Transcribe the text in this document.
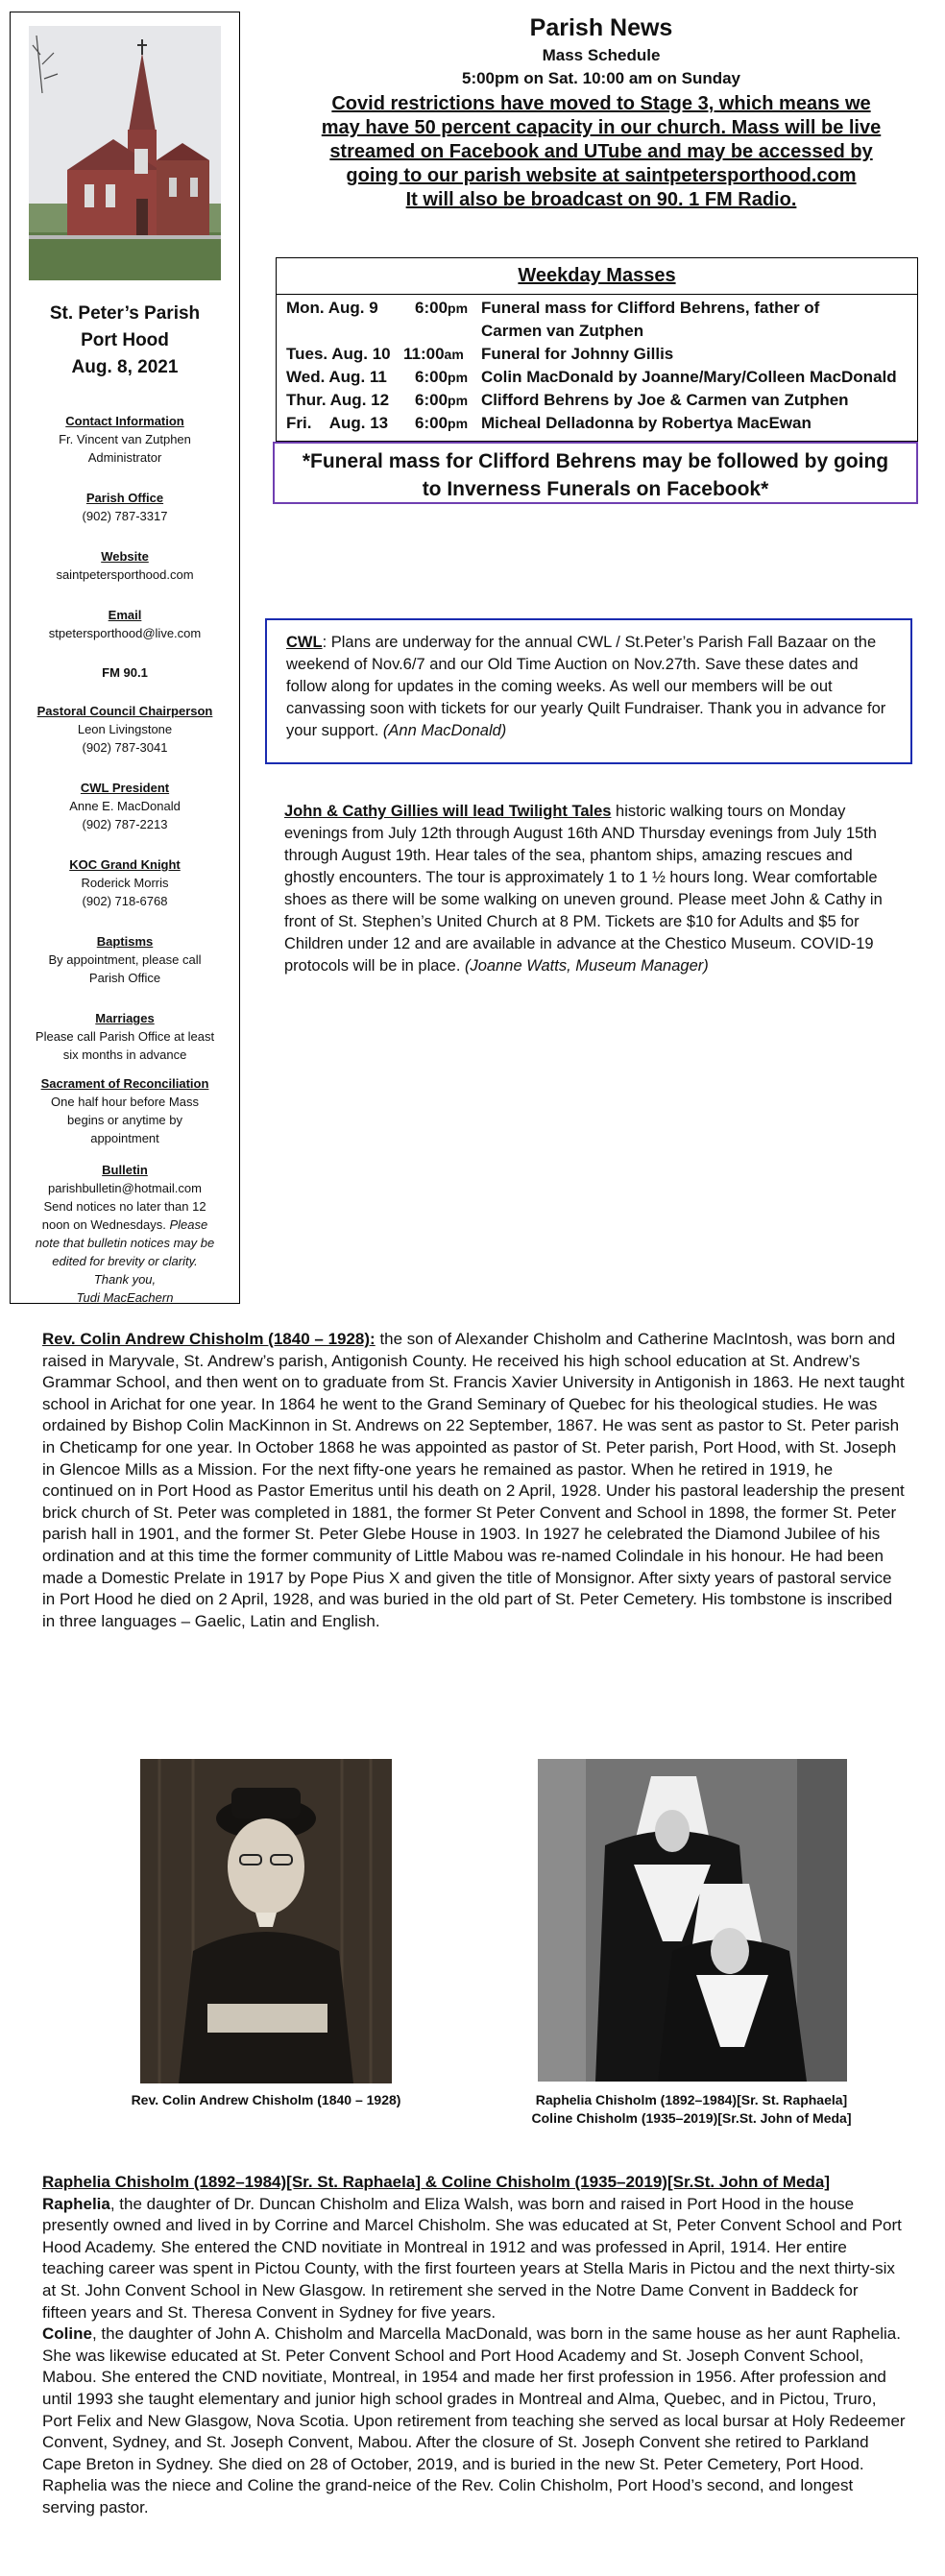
St. Peter’s Parish
Port Hood
Aug. 8, 2021
Contact Information
Fr. Vincent van Zutphen
Administrator
Parish Office
(902) 787-3317
Website
saintpetersporthood.com
Email
stpetersporthood@live.com
FM 90.1
Pastoral Council Chairperson
Leon Livingstone
(902) 787-3041
CWL President
Anne E. MacDonald
(902) 787-2213
KOC Grand Knight
Roderick Morris
(902) 718-6768
Baptisms
By appointment, please call
Parish Office
Marriages
Please call Parish Office at least
six months in advance
Sacrament of Reconciliation
One half hour before Mass
begins or anytime by
appointment
Bulletin
parishbulletin@hotmail.com
Send notices no later than 12
noon on Wednesdays. Please
note that bulletin notices may be
edited for brevity or clarity.
Thank you,
Tudi MacEachern
Parish News
Mass Schedule
5:00pm on Sat. 10:00 am on Sunday
Covid restrictions have moved to Stage 3, which means we
may have 50 percent capacity in our church. Mass will be live
streamed on Facebook and UTube and may be accessed by
going to our parish website at saintpetersporthood.com
It will also be broadcast on 90. 1 FM Radio.
Weekday Masses
Mon. Aug. 9 6:00pm Funeral mass for Clifford Behrens, father of
Carmen van Zutphen
Tues. Aug. 10 11:00am Funeral for Johnny Gillis
Wed. Aug. 11 6:00pm Colin MacDonald by Joanne/Mary/Colleen MacDonald
Thur. Aug. 12 6:00pm Clifford Behrens by Joe & Carmen van Zutphen
Fri.    Aug. 13 6:00pm Micheal Delladonna by Robertya MacEwan
*Funeral mass for Clifford Behrens may be followed by going
to Inverness Funerals on Facebook*
CWL: Plans are underway for the annual CWL / St.Peter’s Parish Fall Bazaar on the weekend of Nov.6/7 and our Old Time Auction on Nov.27th. Save these dates and follow along for updates in the coming weeks. As well our members will be out canvassing soon with tickets for our yearly Quilt Fundraiser. Thank you in advance for your support. (Ann MacDonald)
John & Cathy Gillies will lead Twilight Tales historic walking tours on Monday evenings from July 12th through August 16th AND Thursday evenings from July 15th through August 19th. Hear tales of the sea, phantom ships, amazing rescues and ghostly encounters. The tour is approximately 1 to 1 ½ hours long. Wear comfortable shoes as there will be some walking on uneven ground. Please meet John & Cathy in front of St. Stephen’s United Church at 8 PM. Tickets are $10 for Adults and $5 for Children under 12 and are available in advance at the Chestico Museum. COVID-19 protocols will be in place. (Joanne Watts, Museum Manager)
Rev. Colin Andrew Chisholm (1840 – 1928): the son of Alexander Chisholm and Catherine MacIntosh, was born and raised in Maryvale, St. Andrew’s parish, Antigonish County. He received his high school education at St. Andrew’s Grammar School, and then went on to graduate from St. Francis Xavier University in Antigonish in 1863. He next taught school in Arichat for one year. In 1864 he went to the Grand Seminary of Quebec for his theological studies. He was ordained by Bishop Colin MacKinnon in St. Andrews on 22 September, 1867. He was sent as pastor to St. Peter parish in Cheticamp for one year. In October 1868 he was appointed as pastor of St. Peter parish, Port Hood, with St. Joseph in Glencoe Mills as a Mission. For the next fifty-one years he remained as pastor. When he retired in 1919, he continued on in Port Hood as Pastor Emeritus until his death on 2 April, 1928. Under his pastoral leadership the present brick church of St. Peter was completed in 1881, the former St Peter Convent and School in 1898, the former St. Peter parish hall in 1901, and the former St. Peter Glebe House in 1903. In 1927 he celebrated the Diamond Jubilee of his ordination and at this time the former community of Little Mabou was re-named Colindale in his honour. He had been made a Domestic Prelate in 1917 by Pope Pius X and given the title of Monsignor. After sixty years of pastoral service in Port Hood he died on 2 April, 1928, and was buried in the old part of St. Peter Cemetery. His tombstone is inscribed in three languages – Gaelic, Latin and English.
Rev. Colin Andrew Chisholm (1840 – 1928)	Raphelia Chisholm (1892–1984)[Sr. St. Raphaela]
Coline Chisholm (1935–2019)[Sr.St. John of Meda]
Raphelia Chisholm (1892–1984)[Sr. St. Raphaela] & Coline Chisholm (1935–2019)[Sr.St. John of Meda]
Raphelia, the daughter of Dr. Duncan Chisholm and Eliza Walsh, was born and raised in Port Hood in the house presently owned and lived in by Corrine and Marcel Chisholm. She was educated at St, Peter Convent School and Port Hood Academy. She entered the CND novitiate in Montreal in 1912 and was professed in April, 1914. Her entire teaching career was spent in Pictou County, with the first fourteen years at Stella Maris in Pictou and the next thirty-six at St. John Convent School in New Glasgow. In retirement she served in the Notre Dame Convent in Baddeck for fifteen years and St. Theresa Convent in Sydney for five years.
Coline, the daughter of John A. Chisholm and Marcella MacDonald, was born in the same house as her aunt Raphelia. She was likewise educated at St. Peter Convent School and Port Hood Academy and St. Joseph Convent School, Mabou. She entered the CND novitiate, Montreal, in 1954 and made her first profession in 1956. After profession and until 1993 she taught elementary and junior high school grades in Montreal and Alma, Quebec, and in Pictou, Truro, Port Felix and New Glasgow, Nova Scotia. Upon retirement from teaching she served as local bursar at Holy Redeemer Convent, Sydney, and St. Joseph Convent, Mabou. After the closure of St. Joseph Convent she retired to Parkland Cape Breton in Sydney. She died on 28 of October, 2019, and is buried in the new St. Peter Cemetery, Port Hood. Raphelia was the niece and Coline the grand-neice of the Rev. Colin Chisholm, Port Hood’s second, and longest serving pastor.
